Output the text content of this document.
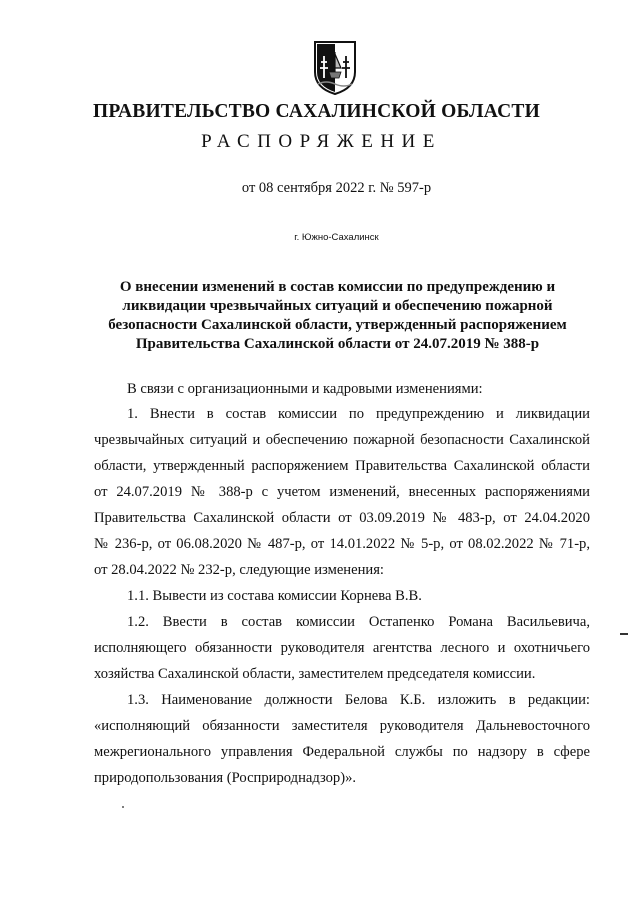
ПРАВИТЕЛЬСТВО САХАЛИНСКОЙ ОБЛАСТИ
РАСПОРЯЖЕНИЕ
от 08 сентября 2022 г. № 597-р
г. Южно-Сахалинск
О внесении изменений в состав комиссии по предупреждению и
ликвидации чрезвычайных ситуаций и обеспечению пожарной
безопасности Сахалинской области, утвержденный распоряжением
Правительства Сахалинской области от 24.07.2019 № 388-р
В связи с организационными и кадровыми изменениями:
1. Внести в состав комиссии по предупреждению и ликвидации
чрезвычайных ситуаций и обеспечению пожарной безопасности Сахалинской
области, утвержденный распоряжением Правительства Сахалинской области
от 24.07.2019 № 388-р с учетом изменений, внесенных распоряжениями
Правительства Сахалинской области от 03.09.2019 № 483-р, от 24.04.2020
№ 236-р, от 06.08.2020 № 487-р, от 14.01.2022 № 5-р, от 08.02.2022 № 71-р,
от 28.04.2022 № 232-р, следующие изменения:
1.1. Вывести из состава комиссии Корнева В.В.
1.2. Ввести в состав комиссии Остапенко Романа Васильевича,
исполняющего обязанности руководителя агентства лесного и охотничьего
хозяйства Сахалинской области, заместителем председателя комиссии.
1.3. Наименование должности Белова К.Б. изложить в редакции:
«исполняющий обязанности заместителя руководителя Дальневосточного
межрегионального управления Федеральной службы по надзору в сфере
природопользования (Росприроднадзор)».
